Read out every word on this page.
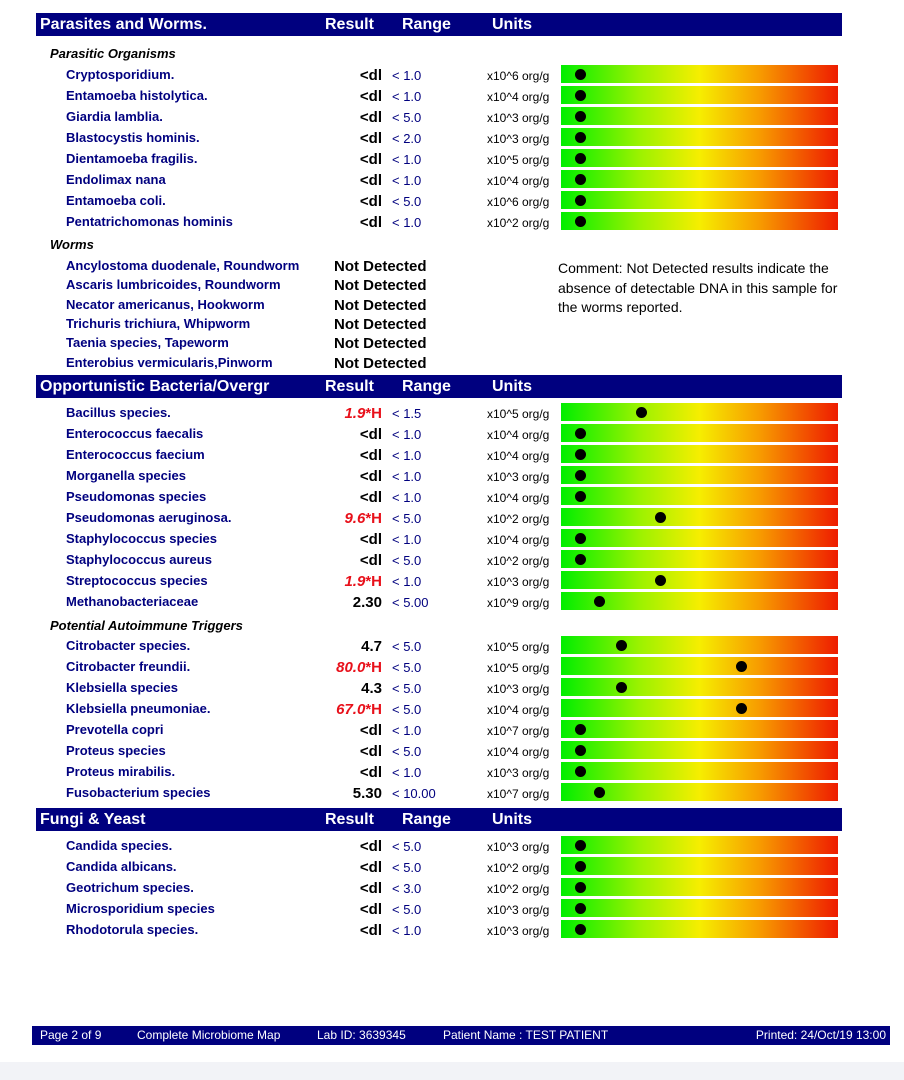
Parasites and Worms.	Result Range	Units
Parasitic Organisms
Cryptosporidium.	<dl < 1.0	x10^6 org/g
Entamoeba histolytica.	<dl < 1.0	x10^4 org/g
Giardia lamblia.	<dl < 5.0	x10^3 org/g
Blastocystis hominis.	<dl < 2.0	x10^3 org/g
Dientamoeba fragilis.	<dl < 1.0	x10^5 org/g
Endolimax nana	<dl < 1.0	x10^4 org/g
Entamoeba coli.	<dl < 5.0	x10^6 org/g
Pentatrichomonas hominis	<dl < 1.0	x10^2 org/g
Worms
Ancylostoma duodenale, Roundworm Not Detected
Ascaris lumbricoides, Roundworm	Not Detected
Necator americanus, Hookworm	Not Detected
Trichuris trichiura, Whipworm	Not Detected
Taenia species, Tapeworm	Not Detected
Enterobius vermicularis,Pinworm	Not Detected
Comment: Not Detected results indicate the absence of detectable DNA in this sample for the worms reported.
Opportunistic Bacteria/Overgr	Result Range	Units
Bacillus species.	1.9*H < 1.5	x10^5 org/g
Enterococcus faecalis	<dl < 1.0	x10^4 org/g
Enterococcus faecium	<dl < 1.0	x10^4 org/g
Morganella species	<dl < 1.0	x10^3 org/g
Pseudomonas species	<dl < 1.0	x10^4 org/g
Pseudomonas aeruginosa.	9.6*H < 5.0	x10^2 org/g
Staphylococcus species	<dl < 1.0	x10^4 org/g
Staphylococcus aureus	<dl < 5.0	x10^2 org/g
Streptococcus species	1.9*H < 1.0	x10^3 org/g
Methanobacteriaceae	2.30 < 5.00	x10^9 org/g
Potential Autoimmune Triggers
Citrobacter species.	4.7 < 5.0	x10^5 org/g
Citrobacter freundii.	80.0*H < 5.0	x10^5 org/g
Klebsiella species	4.3 < 5.0	x10^3 org/g
Klebsiella pneumoniae.	67.0*H < 5.0	x10^4 org/g
Prevotella copri	<dl < 1.0	x10^7 org/g
Proteus species	<dl < 5.0	x10^4 org/g
Proteus mirabilis.	<dl < 1.0	x10^3 org/g
Fusobacterium species	5.30 < 10.00	x10^7 org/g
Fungi & Yeast	Result Range	Units
Candida species.	<dl < 5.0	x10^3 org/g
Candida albicans.	<dl < 5.0	x10^2 org/g
Geotrichum species.	<dl < 3.0	x10^2 org/g
Microsporidium species	<dl < 5.0	x10^3 org/g
Rhodotorula species.	<dl < 1.0	x10^3 org/g
Page 2 of 9	Complete Microbiome Map	Lab ID: 3639345	Patient Name : TEST PATIENT	Printed: 24/Oct/19 13:00
